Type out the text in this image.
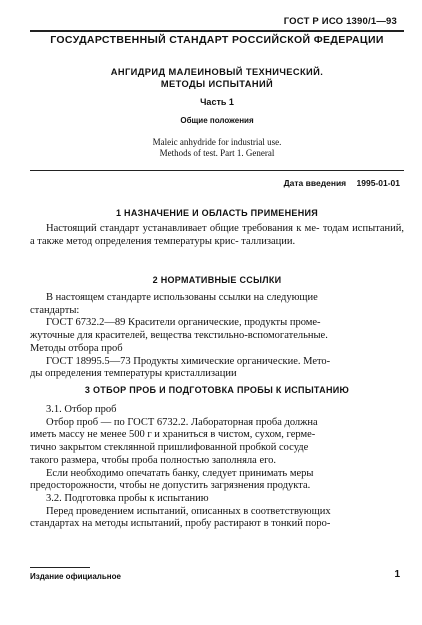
ГОСТ Р ИСО 1390/1—93
ГОСУДАРСТВЕННЫЙ СТАНДАРТ РОССИЙСКОЙ ФЕДЕРАЦИИ
АНГИДРИД МАЛЕИНОВЫЙ ТЕХНИЧЕСКИЙ.
МЕТОДЫ ИСПЫТАНИЙ
Часть 1
Общие положения
Maleic anhydride for industrial use.
Methods of test. Part 1. General
Дата введения 1995-01-01
1 НАЗНАЧЕНИЕ И ОБЛАСТЬ ПРИМЕНЕНИЯ
Настоящий стандарт устанавливает общие требования к ме- тодам испытаний, а также метод определения температуры крис- таллизации.
2 НОРМАТИВНЫЕ ССЫЛКИ
В настоящем стандарте использованы ссылки на следующие
стандарты:
ГОСТ 6732.2—89 Красители органические, продукты проме-
жуточные для красителей, вещества текстильно-вспомогательные.
Методы отбора проб
ГОСТ 18995.5—73 Продукты химические органические. Мето-
ды определения температуры кристаллизации
3 ОТБОР ПРОБ И ПОДГОТОВКА ПРОБЫ К ИСПЫТАНИЮ
3.1. Отбор проб
Отбор проб — по ГОСТ 6732.2. Лабораторная проба должна
иметь массу не менее 500 г и храниться в чистом, сухом, герме-
тично закрытом стеклянной пришлифованной пробкой сосуде
такого размера, чтобы проба полностью заполняла его.
Если необходимо опечатать банку, следует принимать меры
предосторожности, чтобы не допустить загрязнения продукта.
3.2. Подготовка пробы к испытанию
Перед проведением испытаний, описанных в соответствующих
стандартах на методы испытаний, пробу растирают в тонкий поро-
Издание официальное	1
